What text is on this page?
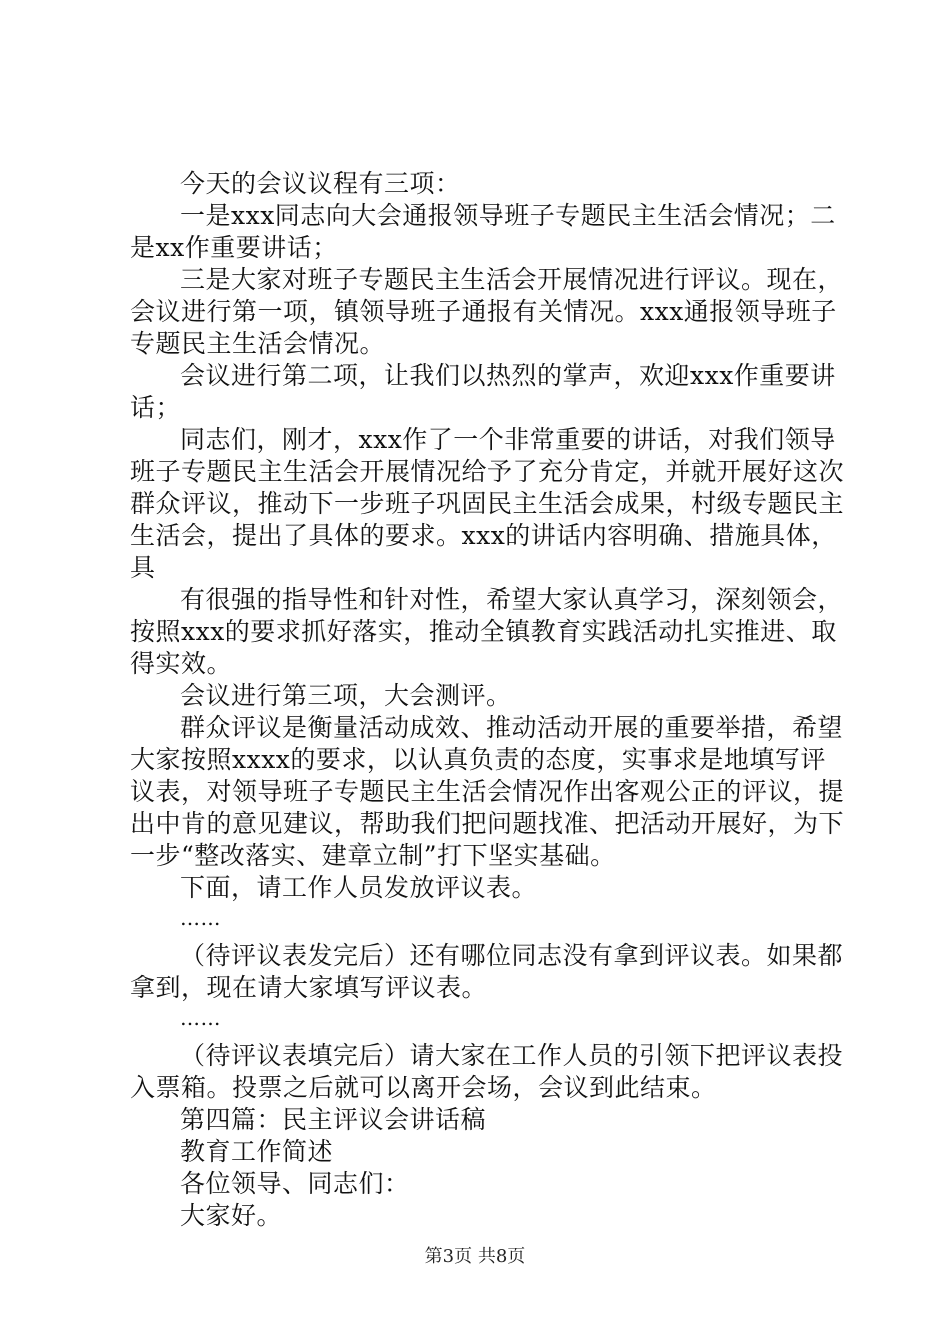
今天的会议议程有三项：

一是xxx同志向大会通报领导班子专题民主生活会情况；二是xx作重要讲话；

三是大家对班子专题民主生活会开展情况进行评议。现在，会议进行第一项，镇领导班子通报有关情况。xxx通报领导班子专题民主生活会情况。

会议进行第二项，让我们以热烈的掌声，欢迎xxx作重要讲话；

同志们，刚才，xxx作了一个非常重要的讲话，对我们领导班子专题民主生活会开展情况给予了充分肯定，并就开展好这次群众评议，推动下一步班子巩固民主生活会成果，村级专题民主生活会，提出了具体的要求。xxx的讲话内容明确、措施具体，具

有很强的指导性和针对性，希望大家认真学习，深刻领会，按照xxx的要求抓好落实，推动全镇教育实践活动扎实推进、取得实效。

会议进行第三项，大会测评。

群众评议是衡量活动成效、推动活动开展的重要举措，希望大家按照xxxx的要求，以认真负责的态度，实事求是地填写评议表，对领导班子专题民主生活会情况作出客观公正的评议，提出中肯的意见建议，帮助我们把问题找准、把活动开展好，为下一步“整改落实、建章立制”打下坚实基础。

下面，请工作人员发放评议表。

……

（待评议表发完后）还有哪位同志没有拿到评议表。如果都拿到，现在请大家填写评议表。

……

（待评议表填完后）请大家在工作人员的引领下把评议表投入票箱。投票之后就可以离开会场，会议到此结束。

第四篇：民主评议会讲话稿

教育工作简述

各位领导、同志们：

大家好。

第3页 共8页
